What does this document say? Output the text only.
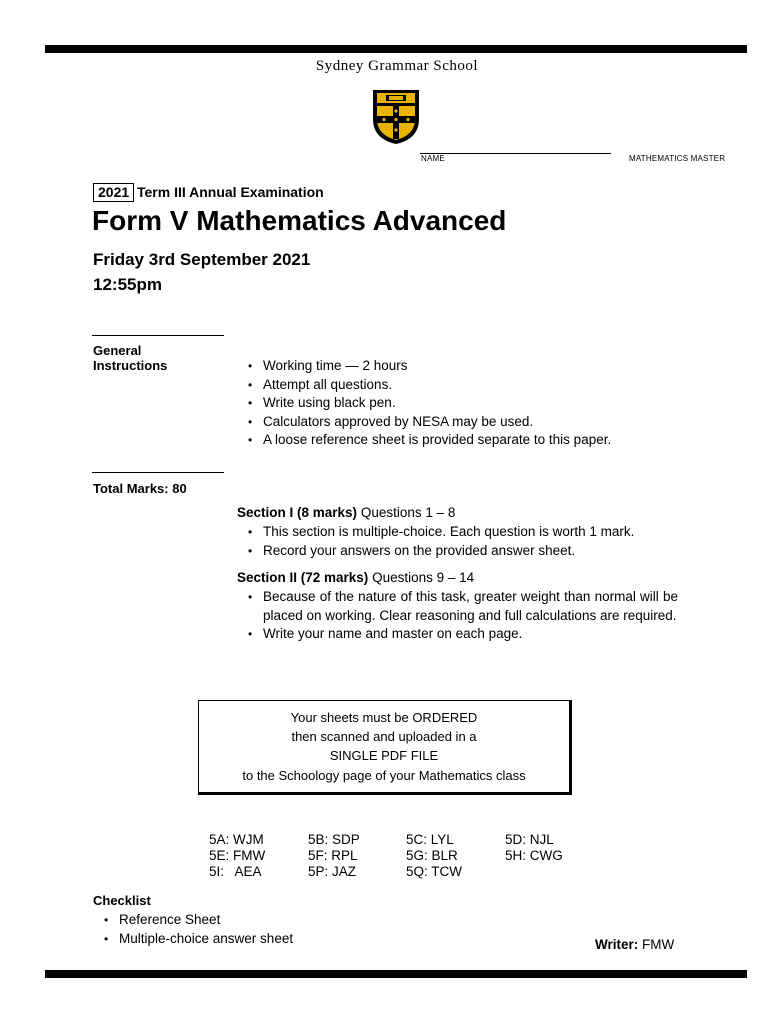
Sydney Grammar School
NAME	MATHEMATICS MASTER
2021 Term III Annual Examination
Form V Mathematics Advanced
Friday 3rd September 2021
12:55pm
General
Instructions
•	Working time — 2 hours
• Attempt all questions.
• Write using black pen.
• Calculators approved by NESA may be used.
• A loose reference sheet is provided separate to this paper.
Total Marks: 80
Section I (8 marks) Questions 1 – 8
• This section is multiple-choice. Each question is worth 1 mark.
• Record your answers on the provided answer sheet.
Section II (72 marks) Questions 9 – 14
• Because of the nature of this task, greater weight than normal will be placed on working. Clear reasoning and full calculations are required.
• Write your name and master on each page.
Your sheets must be ORDERED
then scanned and uploaded in a
SINGLE PDF FILE
to the Schoology page of your Mathematics class
5A: WJM
5E: FMW
5I:   AEA
5B: SDP
5F: RPL
5P: JAZ
5C: LYL
5G: BLR
5Q: TCW
5D: NJL
5H: CWG
Checklist
• Reference Sheet
• Multiple-choice answer sheet	Writer: FMW
